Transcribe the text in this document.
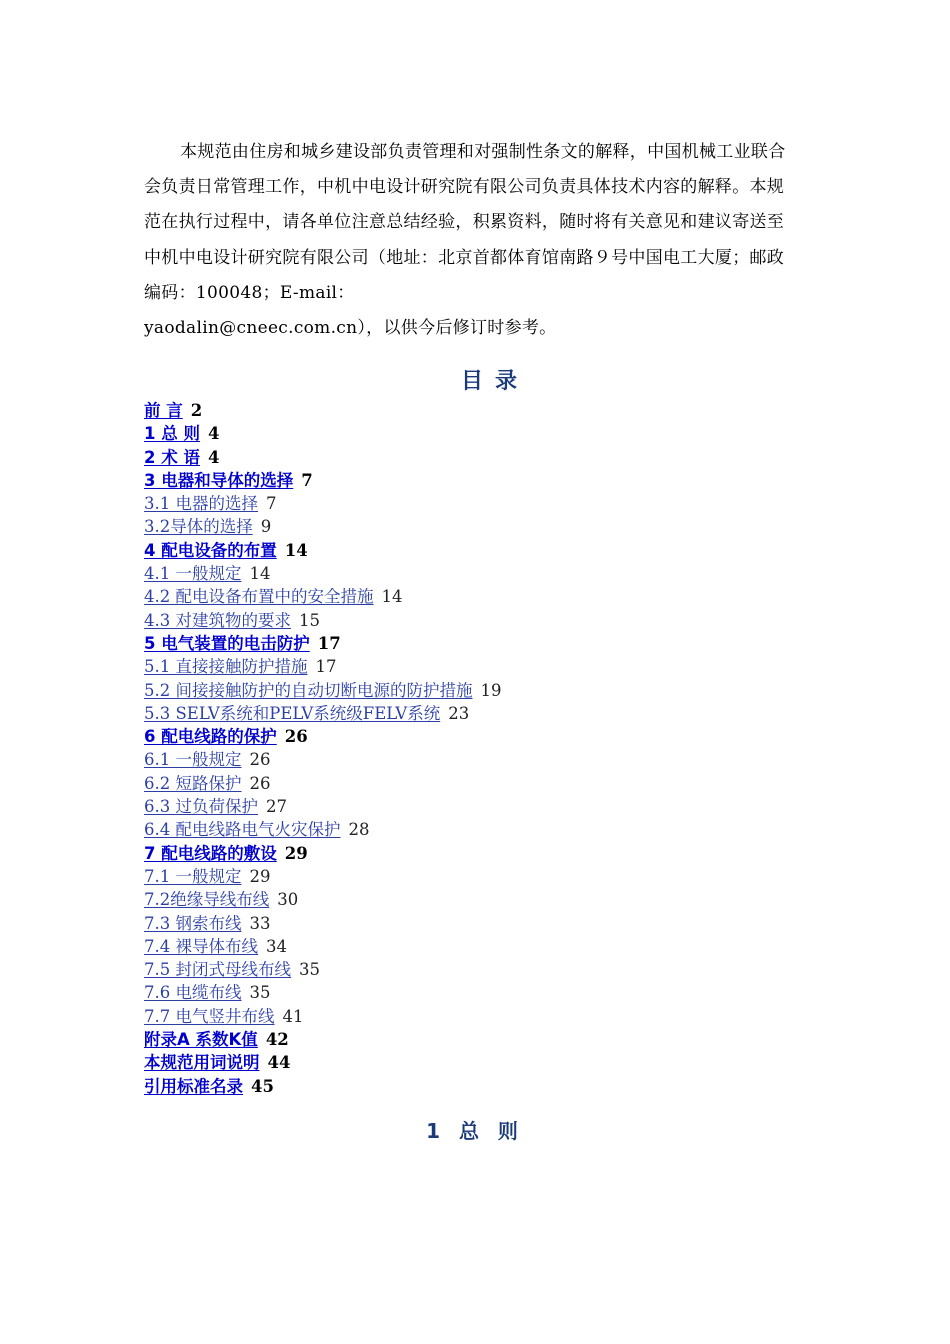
本规范由住房和城乡建设部负责管理和对强制性条文的解释，中国机械工业联合会负责日常管理工作，中机中电设计研究院有限公司负责具体技术内容的解释。本规范在执行过程中，请各单位注意总结经验，积累资料，随时将有关意见和建议寄送至中机中电设计研究院有限公司（地址：北京首都体育馆南路９号中国电工大厦；邮政编码：100048；E-mail：

yaodalin@cneec.com.cn），以供今后修订时参考。

目录
前 言 2
1 总 则 4
2 术 语 4
3 电器和导体的选择 7
3.1 电器的选择 7
3.2导体的选择 9
4 配电设备的布置 14
4.1 一般规定 14
4.2 配电设备布置中的安全措施 14
4.3 对建筑物的要求 15
5 电气装置的电击防护 17
5.1 直接接触防护措施 17
5.2 间接接触防护的自动切断电源的防护措施 19
5.3 SELV系统和PELV系统级FELV系统 23
6 配电线路的保护 26
6.1 一般规定 26
6.2 短路保护 26
6.3 过负荷保护 27
6.4 配电线路电气火灾保护 28
7 配电线路的敷设 29
7.1 一般规定 29
7.2绝缘导线布线 30
7.3 钢索布线 33
7.4 裸导体布线 34
7.5 封闭式母线布线 35
7.6 电缆布线 35
7.7 电气竖井布线 41
附录A 系数K值 42
本规范用词说明 44
引用标准名录 45
1 总 则
